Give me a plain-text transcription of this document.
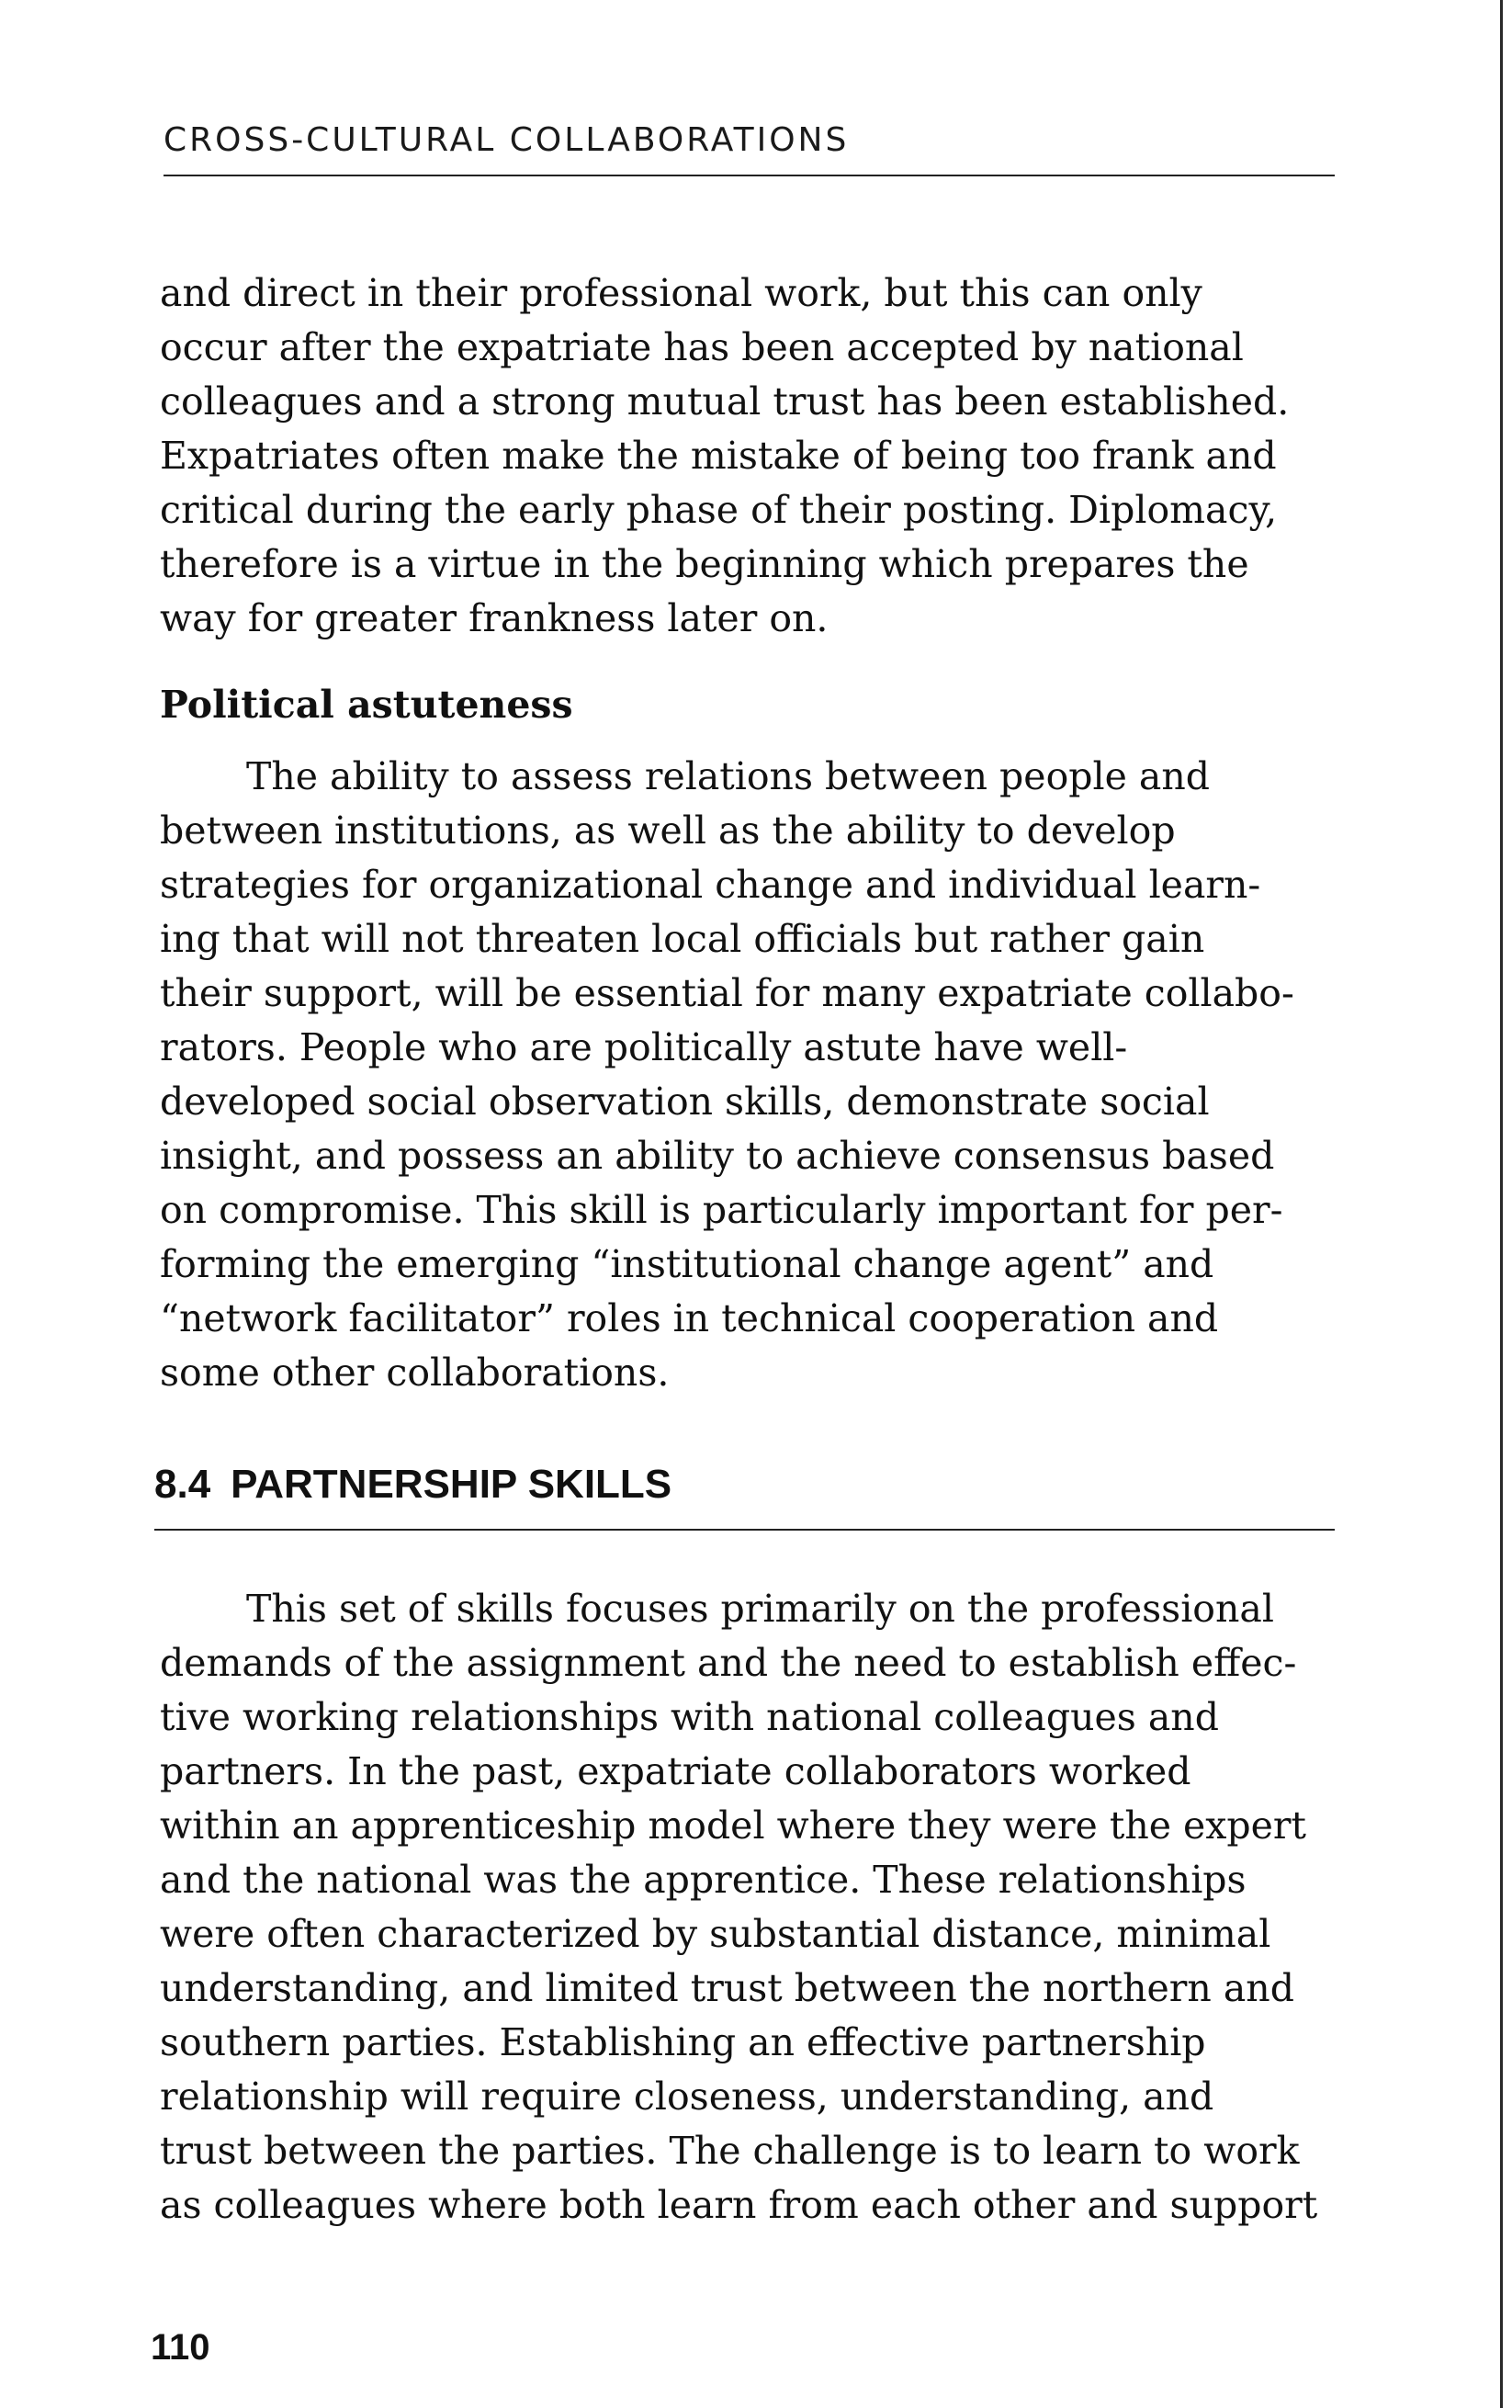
CROSS-CULTURAL COLLABORATIONS
and direct in their professional work, but this can only
occur after the expatriate has been accepted by national
colleagues and a strong mutual trust has been established.
Expatriates often make the mistake of being too frank and
critical during the early phase of their posting. Diplomacy,
therefore is a virtue in the beginning which prepares the
way for greater frankness later on.
Political astuteness
The ability to assess relations between people and
between institutions, as well as the ability to develop
strategies for organizational change and individual learn-
ing that will not threaten local officials but rather gain
their support, will be essential for many expatriate collabo-
rators. People who are politically astute have well-
developed social observation skills, demonstrate social
insight, and possess an ability to achieve consensus based
on compromise. This skill is particularly important for per-
forming the emerging “institutional change agent” and
“network facilitator” roles in technical cooperation and
some other collaborations.
8.4 PARTNERSHIP SKILLS
This set of skills focuses primarily on the professional
demands of the assignment and the need to establish effec-
tive working relationships with national colleagues and
partners. In the past, expatriate collaborators worked
within an apprenticeship model where they were the expert
and the national was the apprentice. These relationships
were often characterized by substantial distance, minimal
understanding, and limited trust between the northern and
southern parties. Establishing an effective partnership
relationship will require closeness, understanding, and
trust between the parties. The challenge is to learn to work
as colleagues where both learn from each other and support
110
